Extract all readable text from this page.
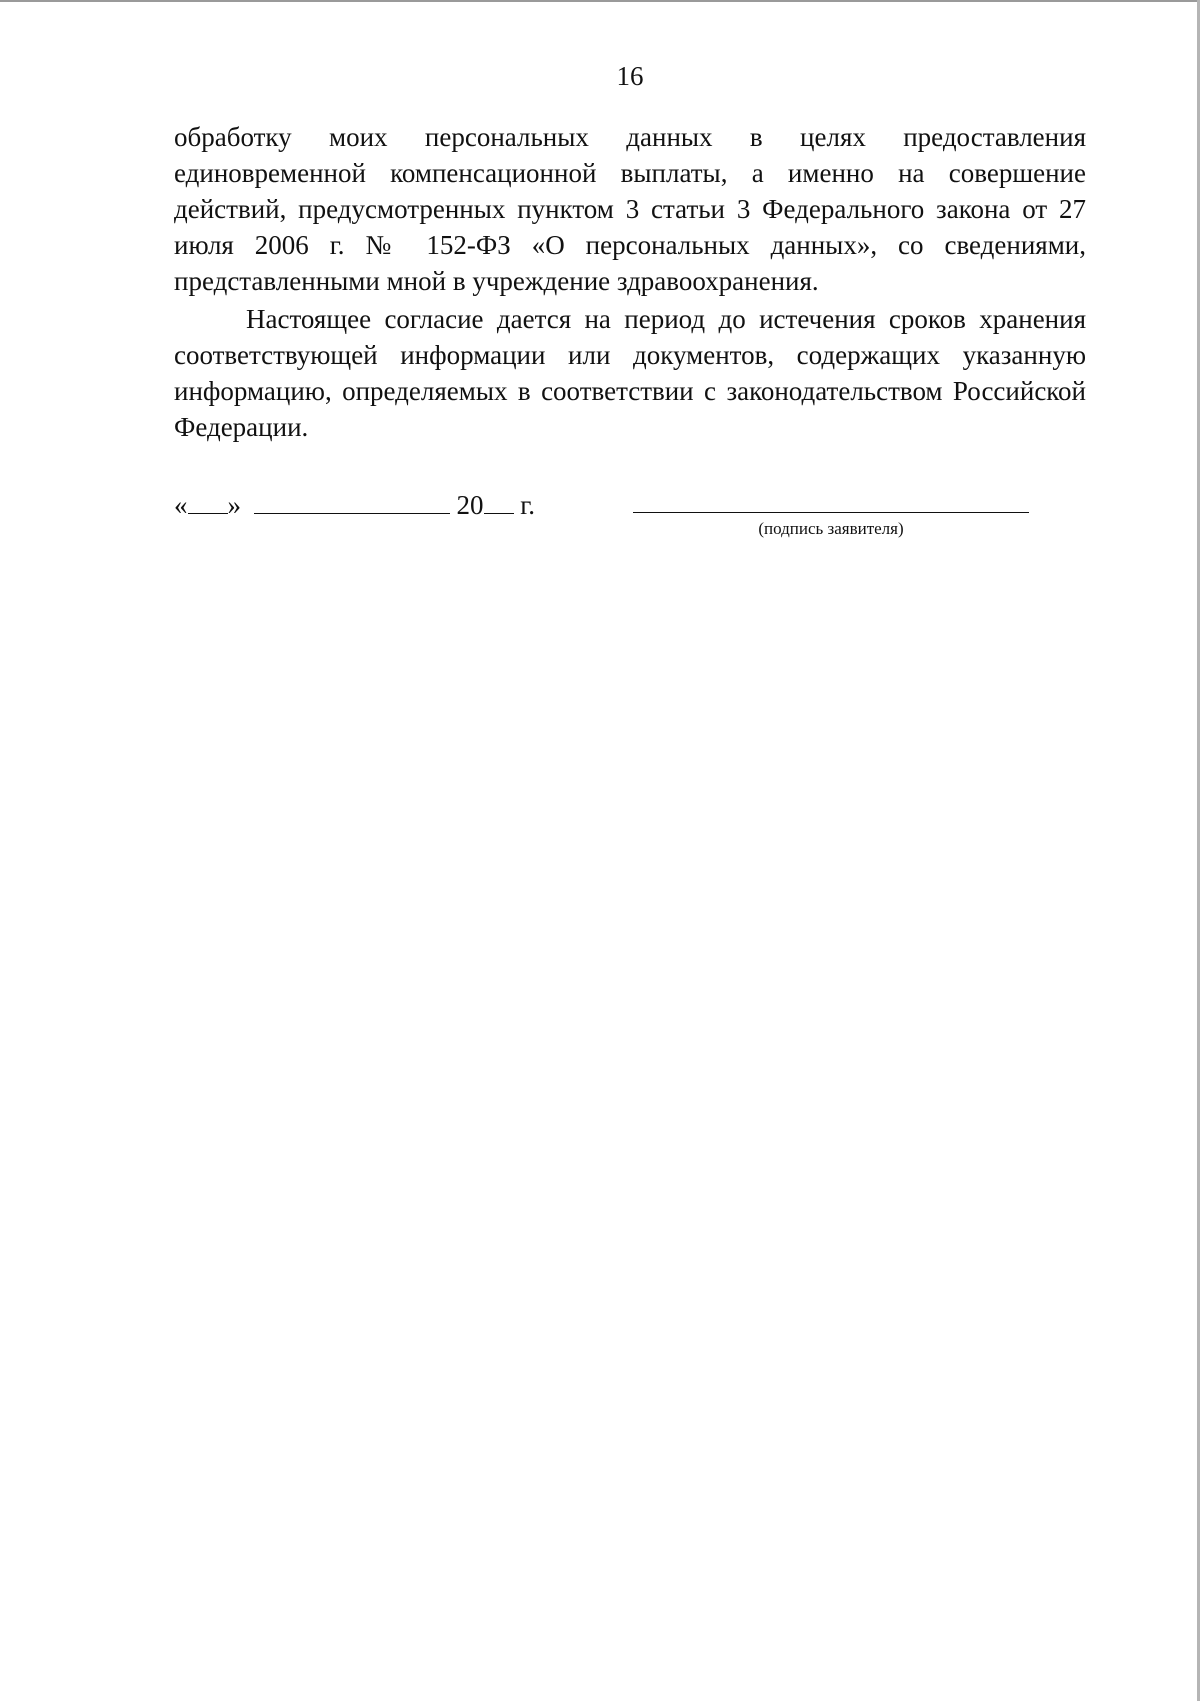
16
обработку моих персональных данных в целях предоставления единовременной компенсационной выплаты, а именно на совершение действий, предусмотренных пунктом 3 статьи 3 Федерального закона от 27 июля 2006 г. № 152-ФЗ «О персональных данных», со сведениями, представленными мной в учреждение здравоохранения.
Настоящее согласие дается на период до истечения сроков хранения соответствующей информации или документов, содержащих указанную информацию, определяемых в соответствии с законодательством Российской Федерации.
« »	20 г.
(подпись заявителя)
